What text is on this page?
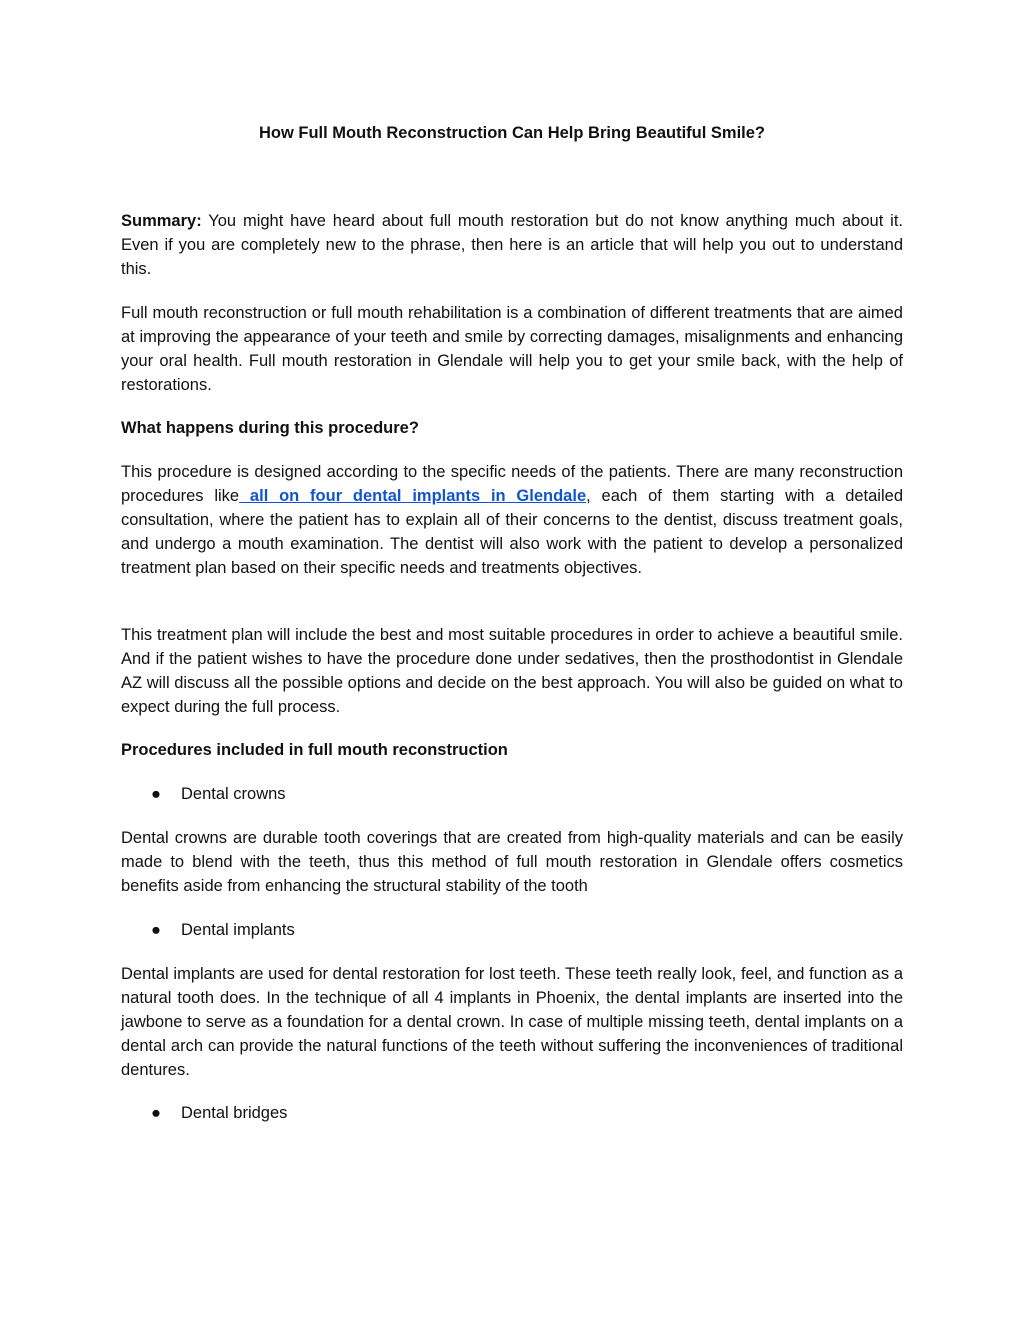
How Full Mouth Reconstruction Can Help Bring Beautiful Smile?

Summary: You might have heard about full mouth restoration but do not know anything much about it. Even if you are completely new to the phrase, then here is an article that will help you out to understand this.

Full mouth reconstruction or full mouth rehabilitation is a combination of different treatments that are aimed at improving the appearance of your teeth and smile by correcting damages, misalignments and enhancing your oral health. Full mouth restoration in Glendale will help you to get your smile back, with the help of restorations.

What happens during this procedure?

This procedure is designed according to the specific needs of the patients. There are many reconstruction procedures like all on four dental implants in Glendale, each of them starting with a detailed consultation, where the patient has to explain all of their concerns to the dentist, discuss treatment goals, and undergo a mouth examination. The dentist will also work with the patient to develop a personalized treatment plan based on their specific needs and treatments objectives.

This treatment plan will include the best and most suitable procedures in order to achieve a beautiful smile. And if the patient wishes to have the procedure done under sedatives, then the prosthodontist in Glendale AZ will discuss all the possible options and decide on the best approach. You will also be guided on what to expect during the full process.

Procedures included in full mouth reconstruction

● Dental crowns

Dental crowns are durable tooth coverings that are created from high-quality materials and can be easily made to blend with the teeth, thus this method of full mouth restoration in Glendale offers cosmetics benefits aside from enhancing the structural stability of the tooth

● Dental implants

Dental implants are used for dental restoration for lost teeth. These teeth really look, feel, and function as a natural tooth does. In the technique of all 4 implants in Phoenix, the dental implants are inserted into the jawbone to serve as a foundation for a dental crown. In case of multiple missing teeth, dental implants on a dental arch can provide the natural functions of the teeth without suffering the inconveniences of traditional dentures.

● Dental bridges
